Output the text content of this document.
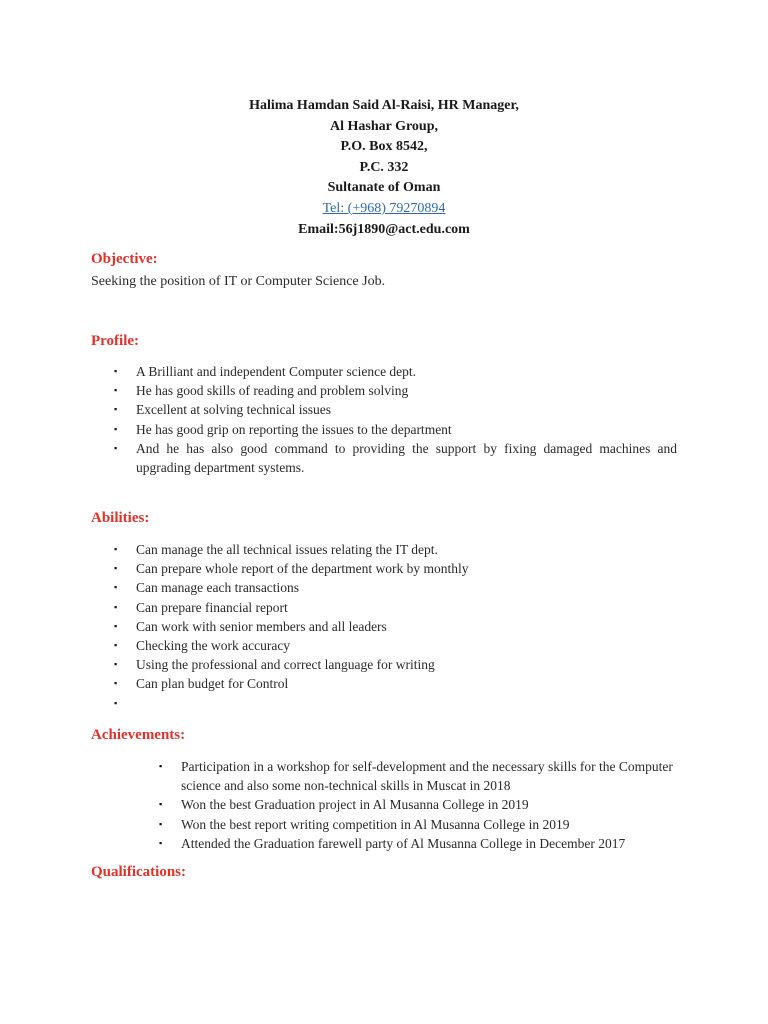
Halima Hamdan Said Al-Raisi, HR Manager,
Al Hashar Group,
P.O. Box 8542,
P.C. 332
Sultanate of Oman
Tel: (+968) 79270894
Email:56j1890@act.edu.com
Objective:
Seeking the position of IT or Computer Science Job.
Profile:
▪ A Brilliant and independent Computer science dept.
▪ He has good skills of reading and problem solving
▪ Excellent at solving technical issues
▪ He has good grip on reporting the issues to the department
▪ And he has also good command to providing the support by fixing damaged machines and upgrading department systems.
Abilities:
▪ Can manage the all technical issues relating the IT dept.
▪ Can prepare whole report of the department work by monthly
▪ Can manage each transactions
▪ Can prepare financial report
▪ Can work with senior members and all leaders
▪ Checking the work accuracy
▪ Using the professional and correct language for writing
▪ Can plan budget for Control
▪
Achievements:
▪ Participation in a workshop for self-development and the necessary skills for the Computer science and also some non-technical skills in Muscat in 2018
▪ Won the best Graduation project in Al Musanna College in 2019
▪ Won the best report writing competition in Al Musanna College in 2019
▪ Attended the Graduation farewell party of Al Musanna College in December 2017
Qualifications:
